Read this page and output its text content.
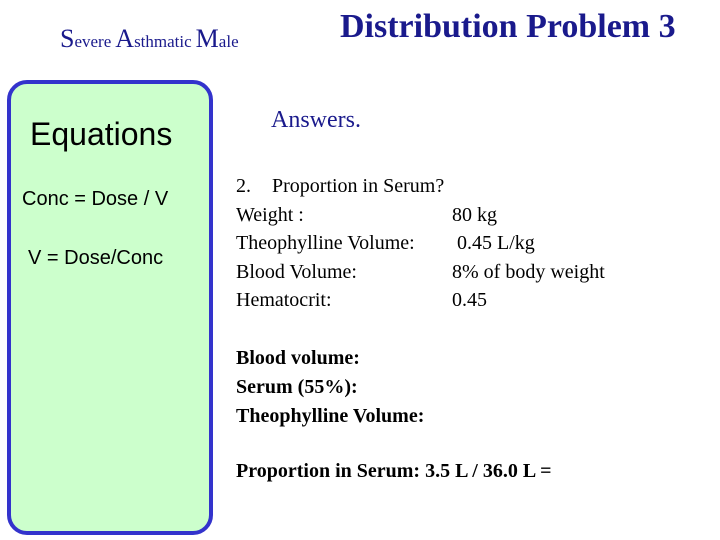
Severe Asthmatic Male	Distribution Problem 3
Equations
Conc = Dose / V
V = Dose/Conc
Answers.
2. Proportion in Serum?
Weight :	80 kg
Theophylline Volume: 0.45 L/kg
Blood Volume:	8% of body weight
Hematocrit:	0.45
Blood volume:
Serum (55%):
Theophylline Volume:
Proportion in Serum: 3.5 L / 36.0 L =
